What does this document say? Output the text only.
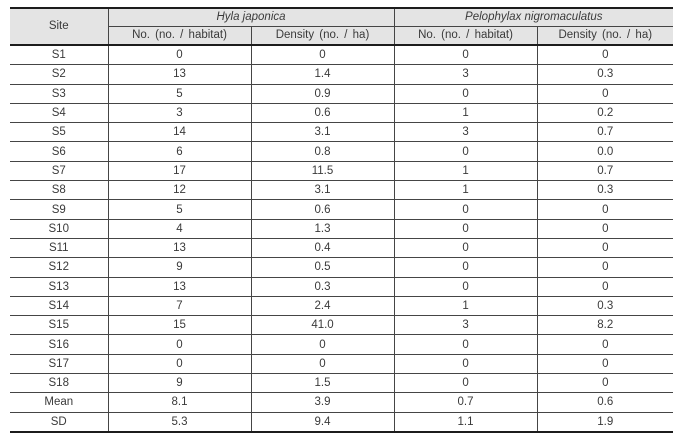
Site	Hyla japonica		Pelophylax nigromaculatus	
	No. (no. / habitat)	Density (no. / ha)	No. (no. / habitat)	Density (no. / ha)
S1	0	0	0	0
S2	13	1.4	3	0.3
S3	5	0.9	0	0
S4	3	0.6	1	0.2
S5	14	3.1	3	0.7
S6	6	0.8	0	0.0
S7	17	11.5	1	0.7
S8	12	3.1	1	0.3
S9	5	0.6	0	0
S10	4	1.3	0	0
S11	13	0.4	0	0
S12	9	0.5	0	0
S13	13	0.3	0	0
S14	7	2.4	1	0.3
S15	15	41.0	3	8.2
S16	0	0	0	0
S17	0	0	0	0
S18	9	1.5	0	0
Mean	8.1	3.9	0.7	0.6
SD	5.3	9.4	1.1	1.9
